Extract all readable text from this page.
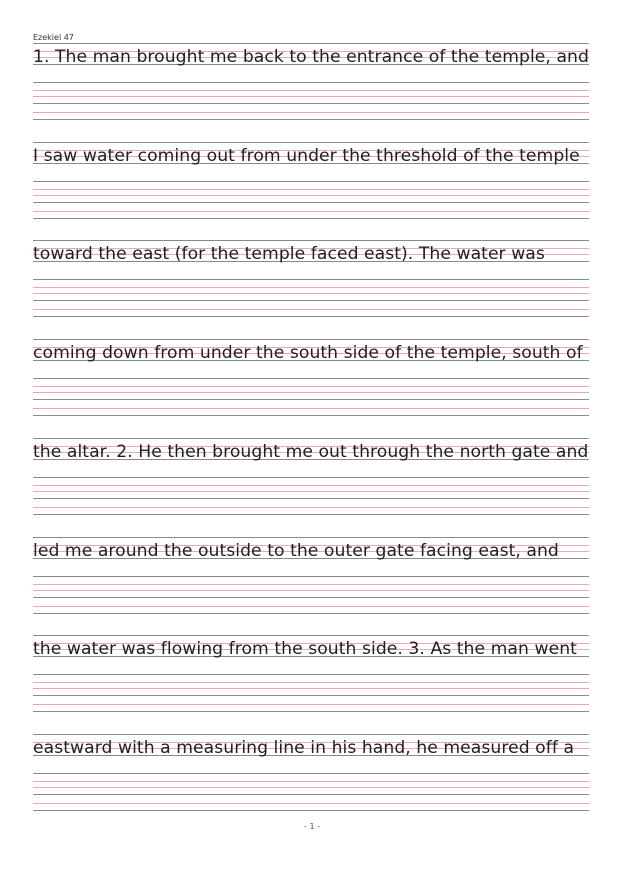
Ezekiel 47
1. The man brought me back to the entrance of the temple, and
I saw water coming out from under the threshold of the temple
toward the east (for the temple faced east). The water was
coming down from under the south side of the temple, south of
the altar. 2. He then brought me out through the north gate and
led me around the outside to the outer gate facing east, and
the water was flowing from the south side. 3. As the man went
eastward with a measuring line in his hand, he measured off a
- 1 -
